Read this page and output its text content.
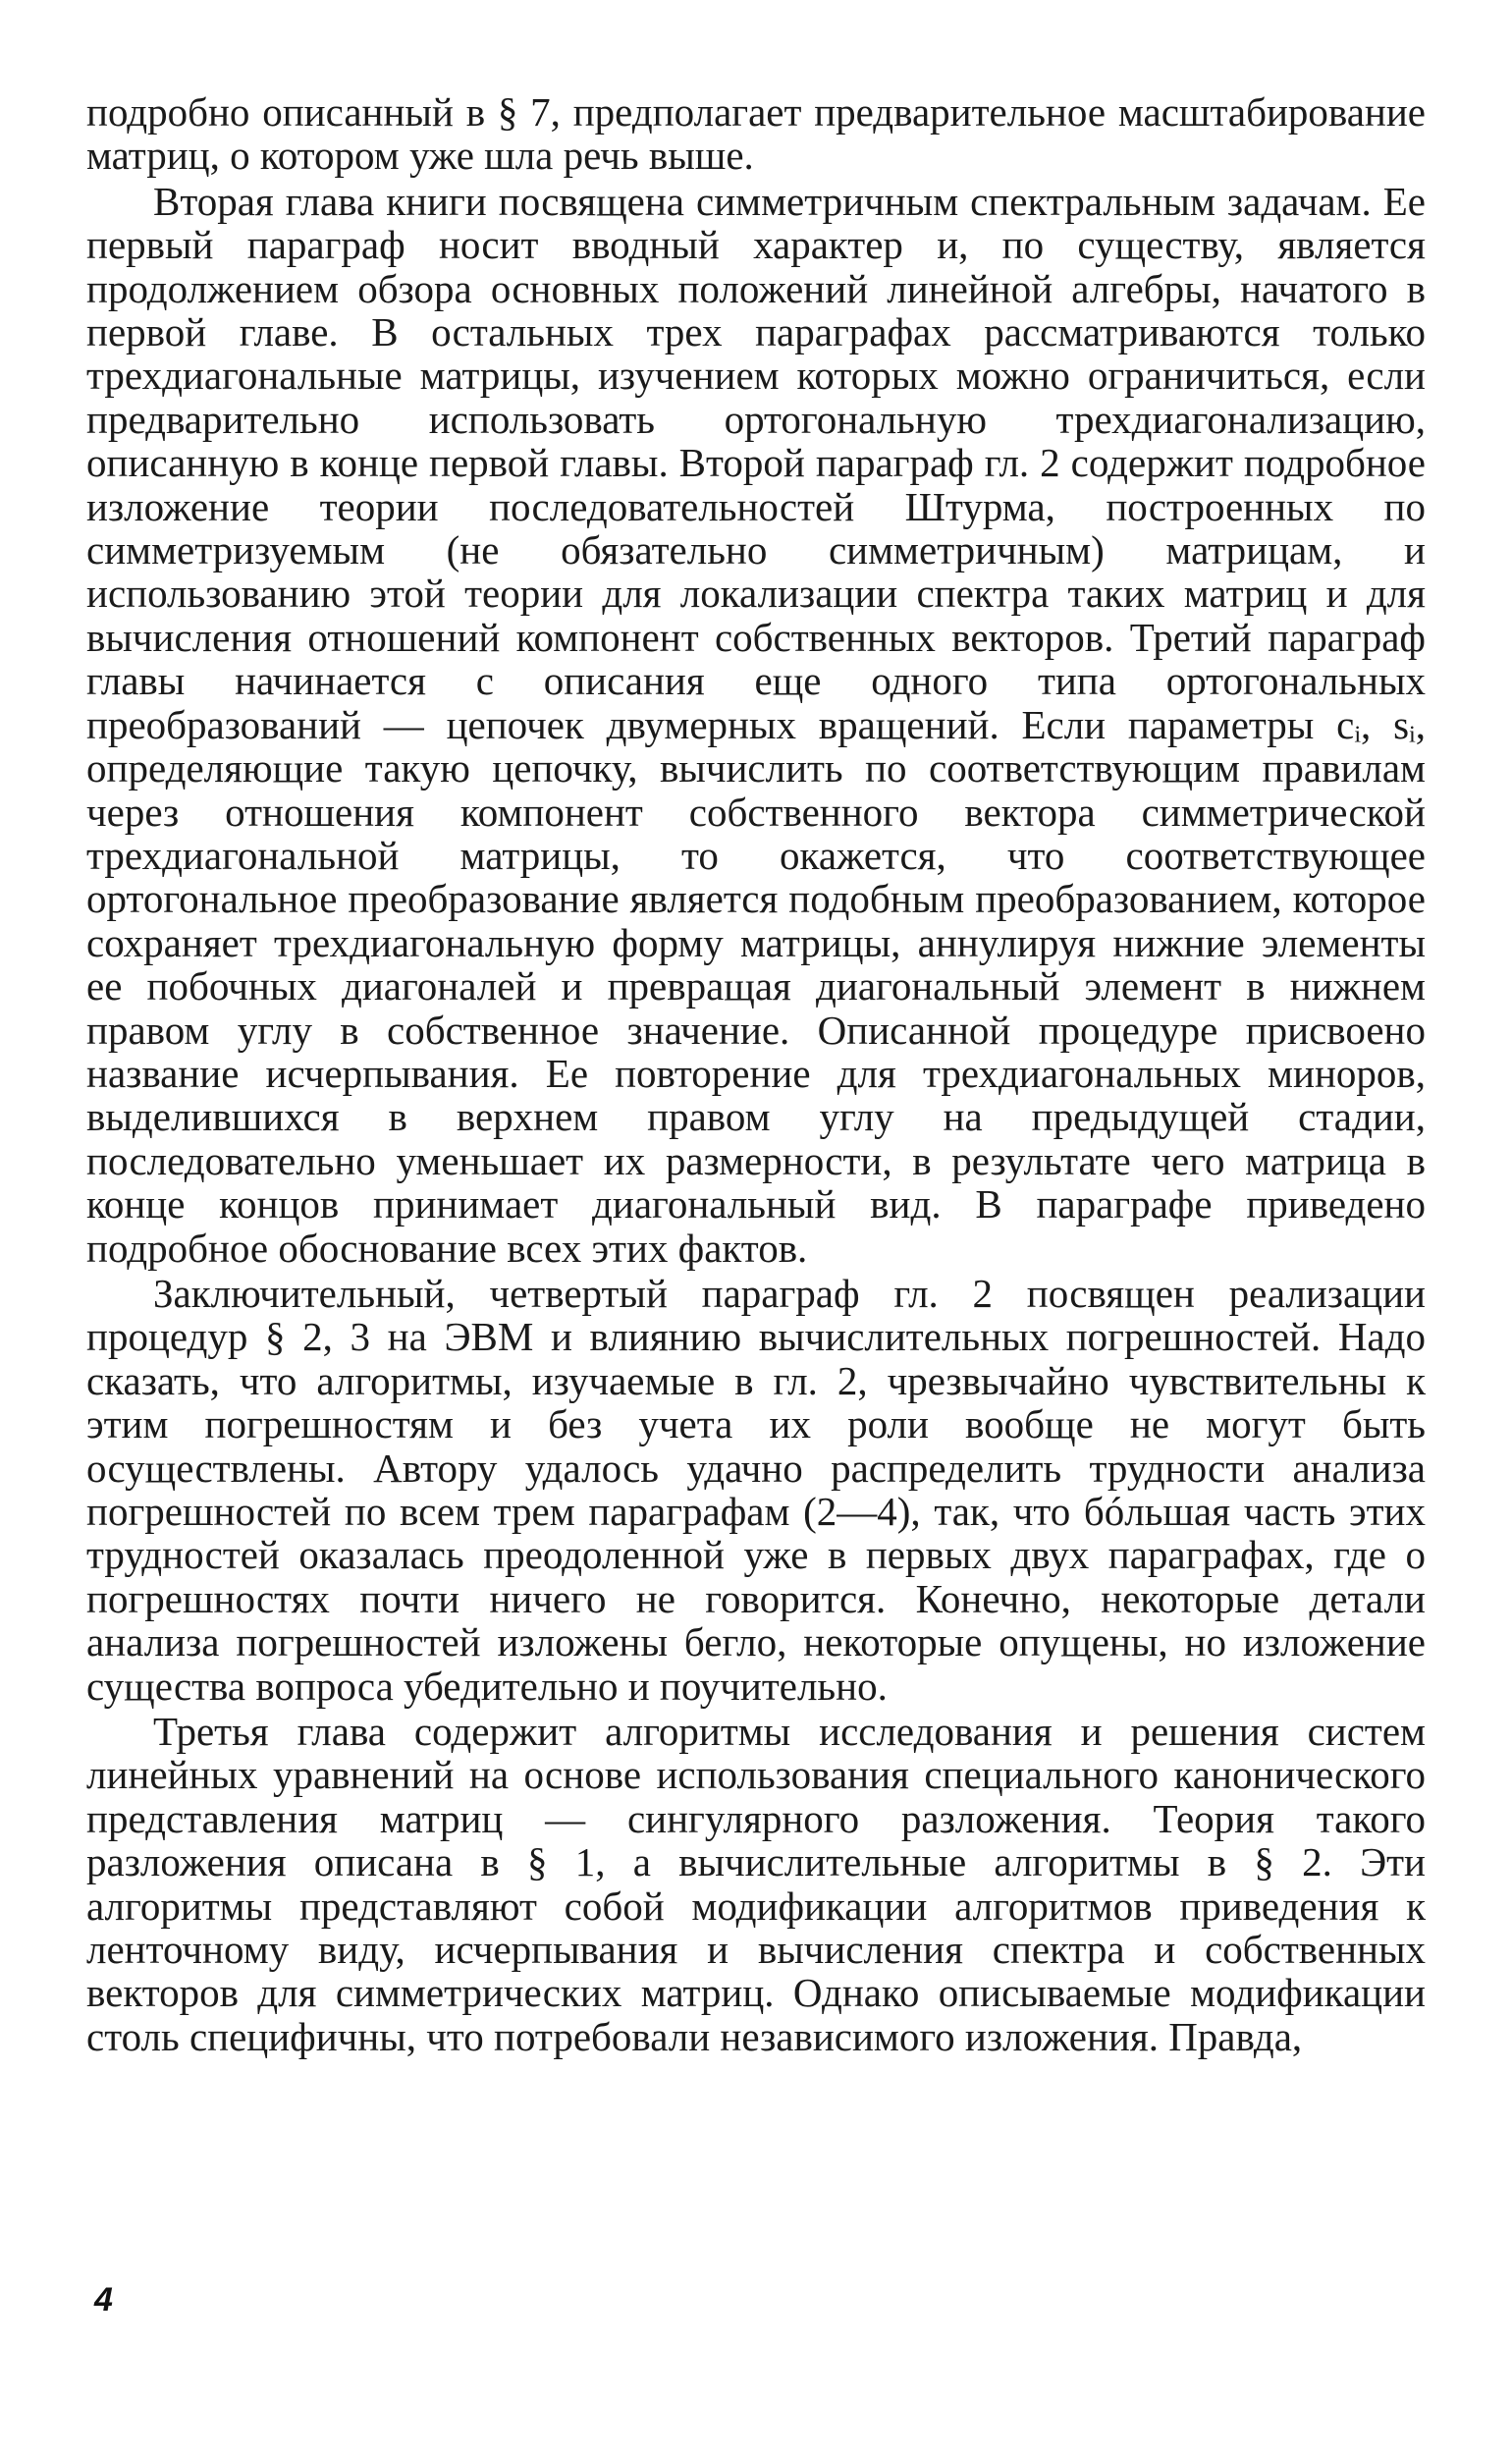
подробно описанный в § 7, предполагает предварительное масштабирование матриц, о котором уже шла речь выше.

Вторая глава книги посвящена симметричным спектральным задачам. Ее первый параграф носит вводный характер и, по существу, является продолжением обзора основных положений линейной алгебры, начатого в первой главе. В остальных трех параграфах рассматриваются только трехдиагональные матрицы, изучением которых можно ограничиться, если предварительно использовать ортогональную трехдиагонализацию, описанную в конце первой главы. Второй параграф гл. 2 содержит подробное изложение теории последовательностей Штурма, построенных по симметризуемым (не обязательно симметричным) матрицам, и использованию этой теории для локализации спектра таких матриц и для вычисления отношений компонент собственных векторов. Третий параграф главы начинается с описания еще одного типа ортогональных преобразований — цепочек двумерных вращений. Если параметры cᵢ, sᵢ, определяющие такую цепочку, вычислить по соответствующим правилам через отношения компонент собственного вектора симметрической трехдиагональной матрицы, то окажется, что соответствующее ортогональное преобразование является подобным преобразованием, которое сохраняет трехдиагональную форму матрицы, аннулируя нижние элементы ее побочных диагоналей и превращая диагональный элемент в нижнем правом углу в собственное значение. Описанной процедуре присвоено название исчерпывания. Ее повторение для трехдиагональных миноров, выделившихся в верхнем правом углу на предыдущей стадии, последовательно уменьшает их размерности, в результате чего матрица в конце концов принимает диагональный вид. В параграфе приведено подробное обоснование всех этих фактов.

Заключительный, четвертый параграф гл. 2 посвящен реализации процедур § 2, 3 на ЭВМ и влиянию вычислительных погрешностей. Надо сказать, что алгоритмы, изучаемые в гл. 2, чрезвычайно чувствительны к этим погрешностям и без учета их роли вообще не могут быть осуществлены. Автору удалось удачно распределить трудности анализа погрешностей по всем трем параграфам (2—4), так, что бóльшая часть этих трудностей оказалась преодоленной уже в первых двух параграфах, где о погрешностях почти ничего не говорится. Конечно, некоторые детали анализа погрешностей изложены бегло, некоторые опущены, но изложение существа вопроса убедительно и поучительно.

Третья глава содержит алгоритмы исследования и решения систем линейных уравнений на основе использования специального канонического представления матриц — сингулярного разложения. Теория такого разложения описана в § 1, а вычислительные алгоритмы в § 2. Эти алгоритмы представляют собой модификации алгоритмов приведения к ленточному виду, исчерпывания и вычисления спектра и собственных векторов для симметрических матриц. Однако описываемые модификации столь специфичны, что потребовали независимого изложения. Правда,

4
